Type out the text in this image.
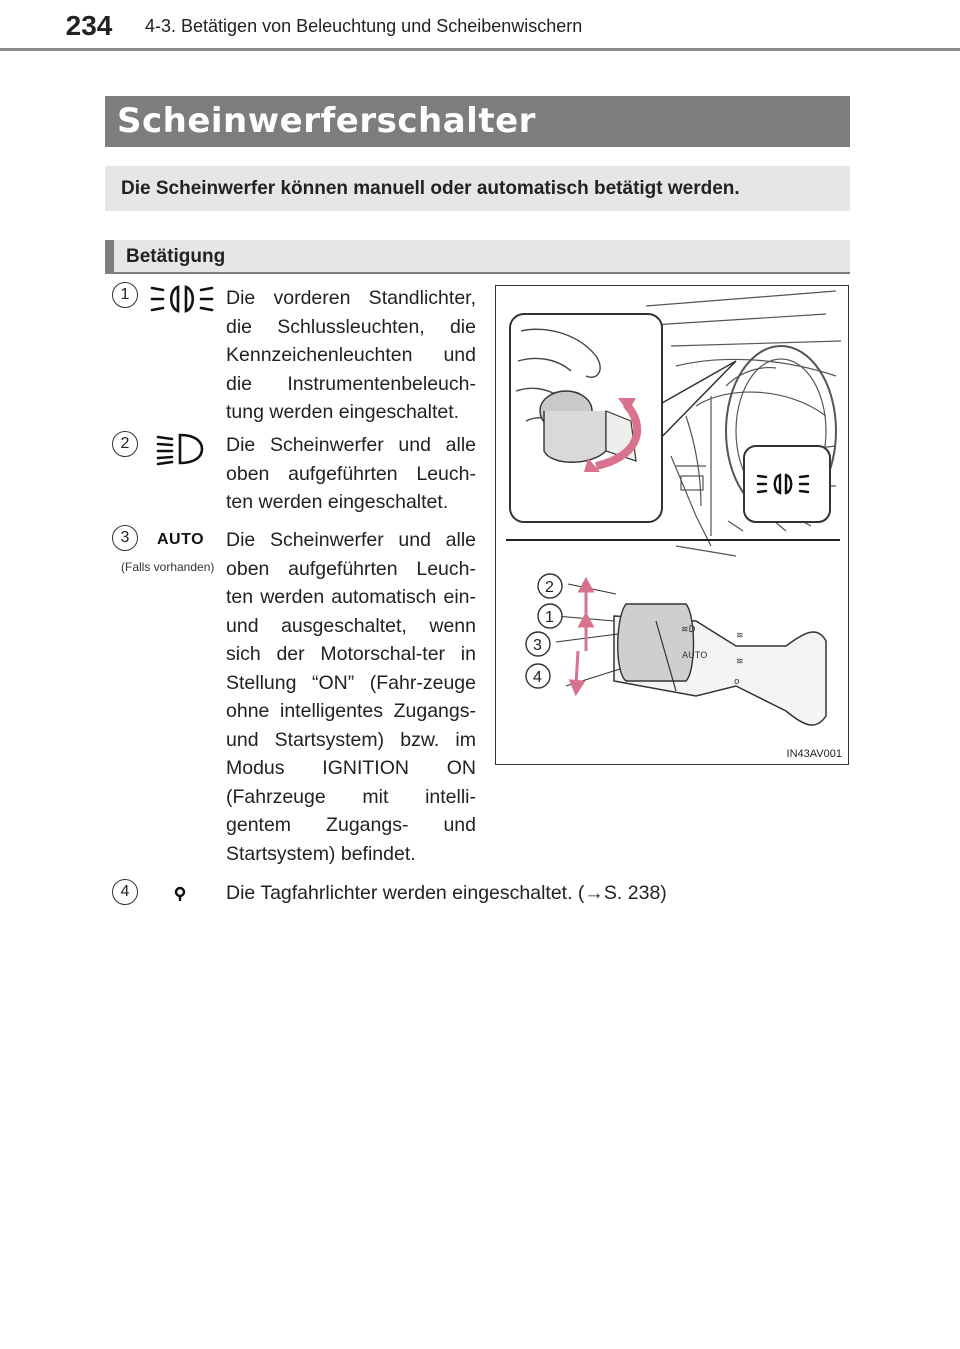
234	4-3. Betätigen von Beleuchtung und Scheibenwischern
Scheinwerferschalter
Die Scheinwerfer können manuell oder automatisch betätigt werden.
Betätigung
1	Die vorderen Standlichter, die Schlussleuchten, die Kennzeichenleuchten und die Instrumentenbeleuch-tung werden eingeschaltet.
2	Die Scheinwerfer und alle oben aufgeführten Leuch-ten werden eingeschaltet.
3	AUTO
(Falls vorhanden)
Die Scheinwerfer und alle oben aufgeführten Leuch-ten werden automatisch ein- und ausgeschaltet, wenn sich der Motorschal-ter in Stellung “ON” (Fahr-zeuge ohne intelligentes Zugangs- und Startsystem) bzw. im Modus IGNITION ON (Fahrzeuge mit intelli-gentem Zugangs- und Startsystem) befindet.
4	Die Tagfahrlichter werden eingeschaltet. (→S. 238)
≋D
AUTO
≋
≋
o
2
1
3
4
IN43AV001
